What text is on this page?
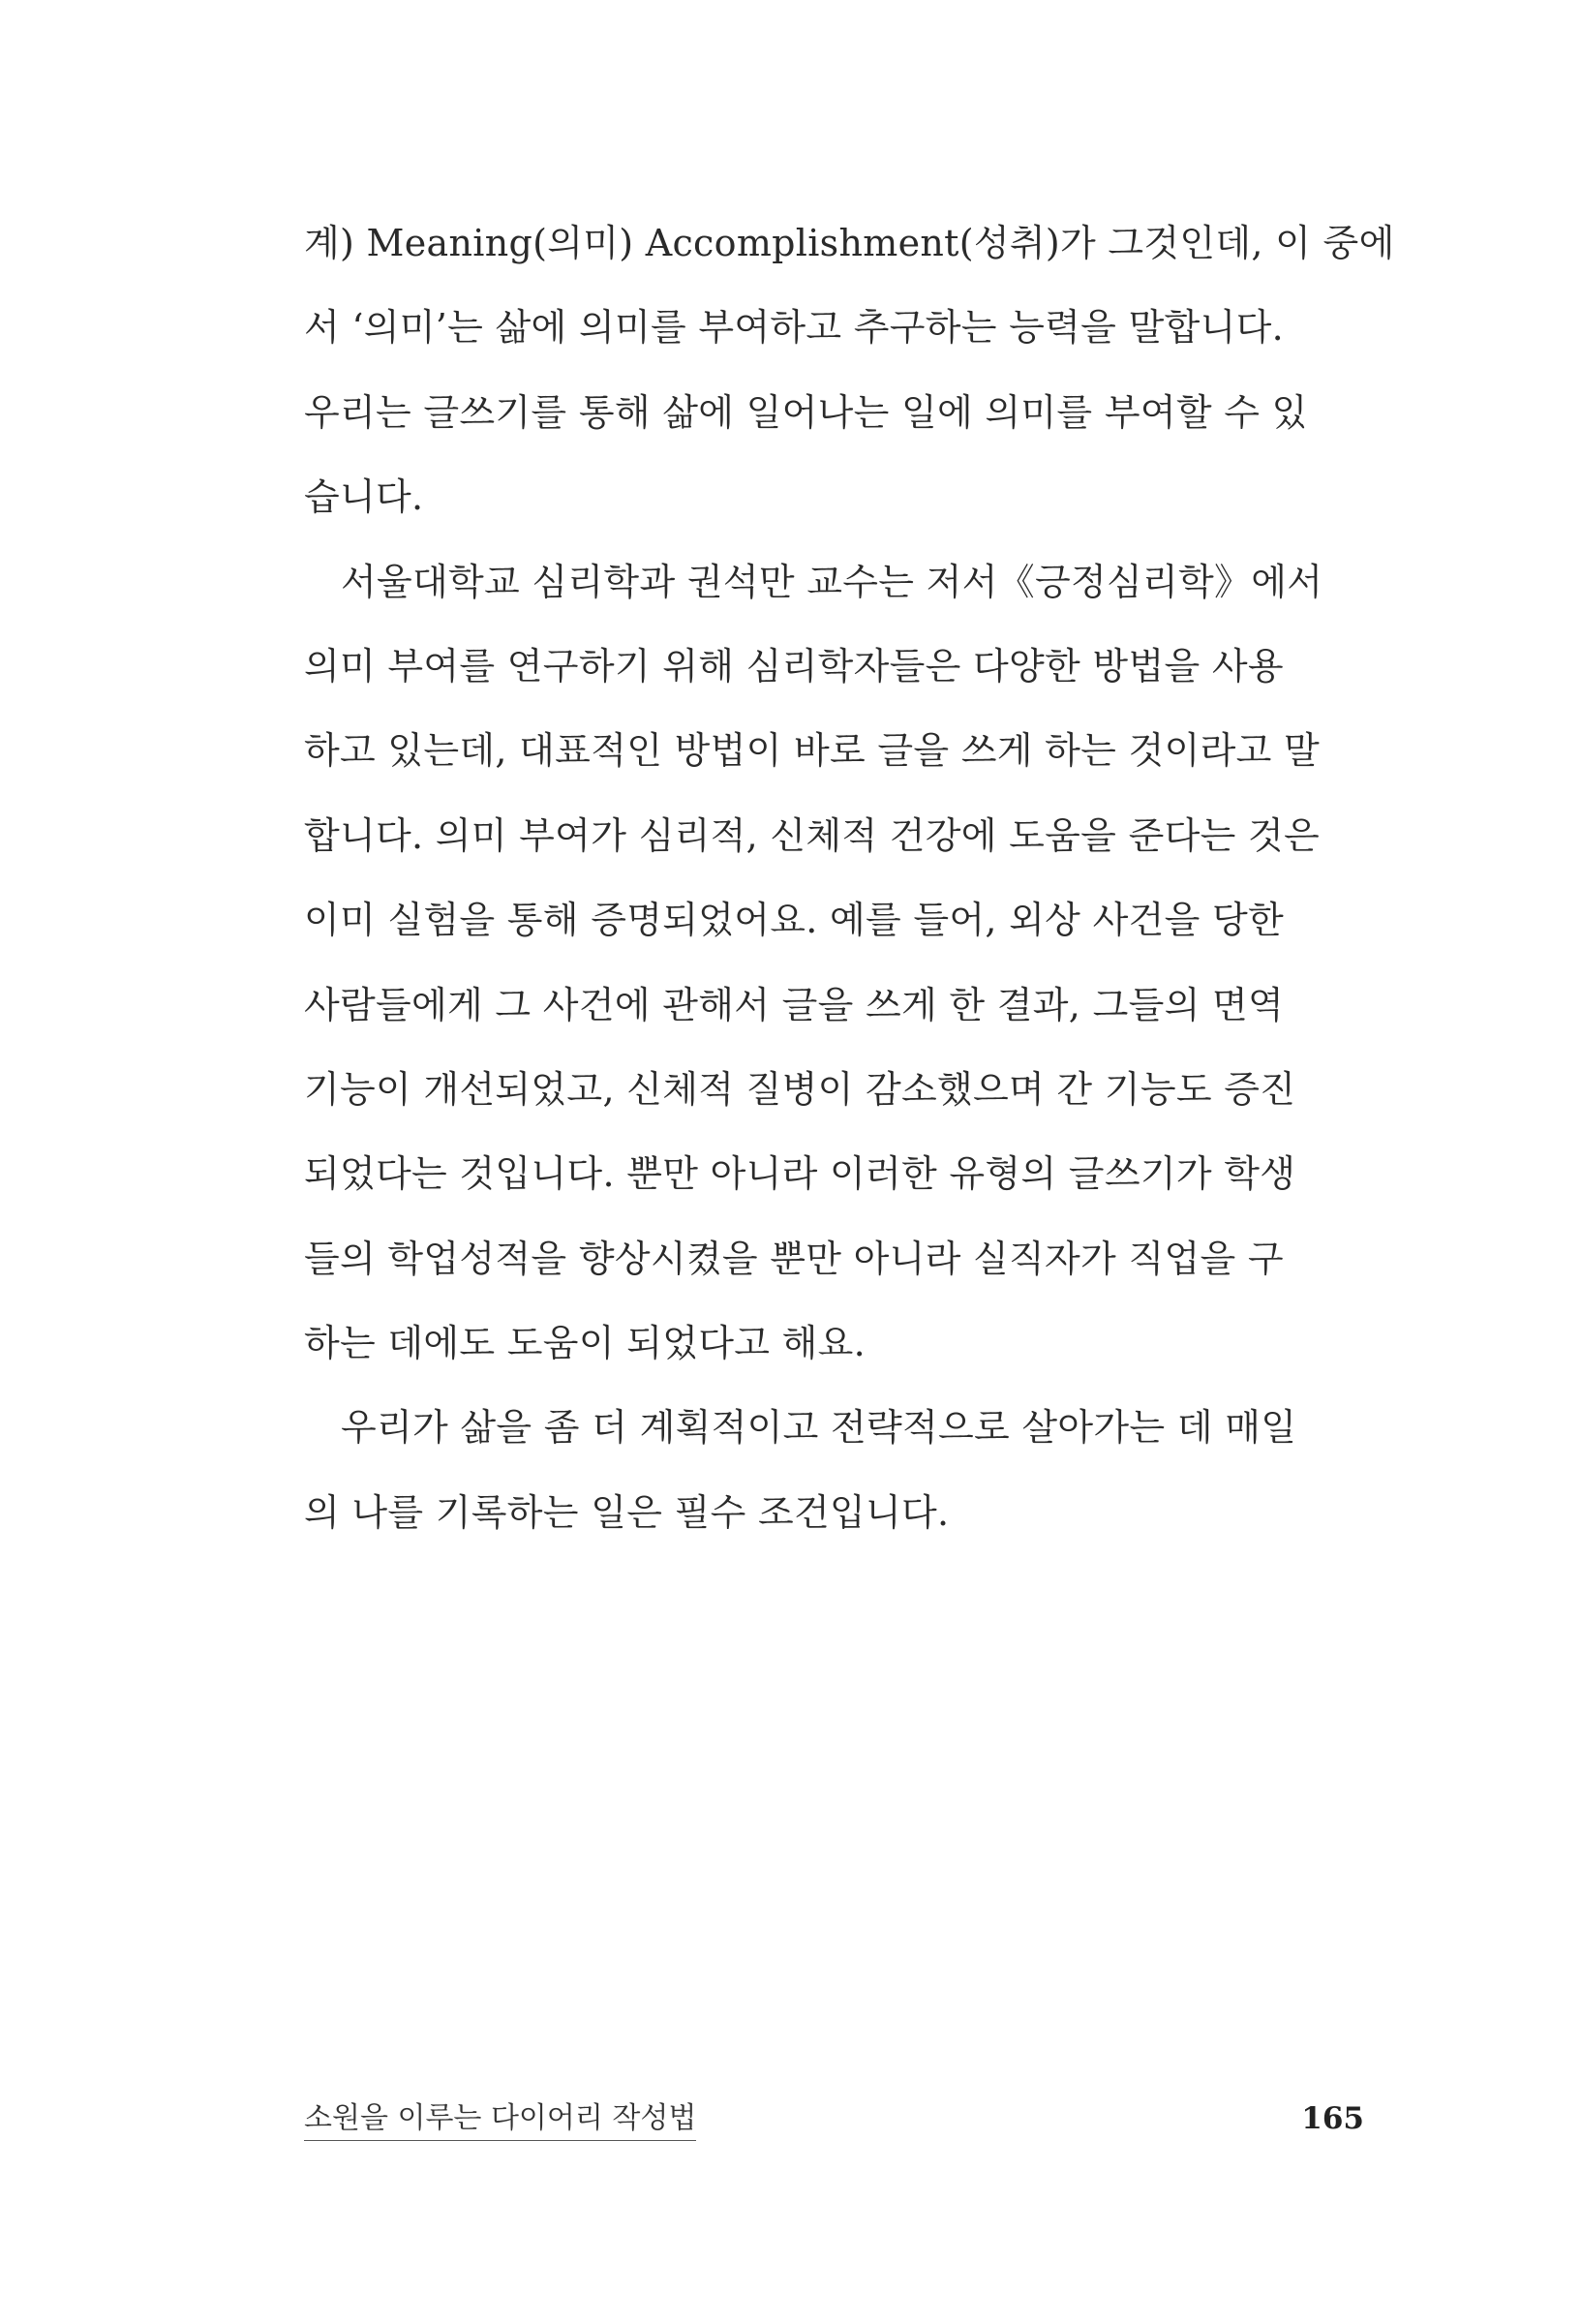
계) Meaning(의미) Accomplishment(성취)가 그것인데, 이 중에
서 ‘의미’는 삶에 의미를 부여하고 추구하는 능력을 말합니다.
우리는 글쓰기를 통해 삶에 일어나는 일에 의미를 부여할 수 있
습니다.
서울대학교 심리학과 권석만 교수는 저서《긍정심리학》에서
의미 부여를 연구하기 위해 심리학자들은 다양한 방법을 사용
하고 있는데, 대표적인 방법이 바로 글을 쓰게 하는 것이라고 말
합니다. 의미 부여가 심리적, 신체적 건강에 도움을 준다는 것은
이미 실험을 통해 증명되었어요. 예를 들어, 외상 사건을 당한
사람들에게 그 사건에 관해서 글을 쓰게 한 결과, 그들의 면역
기능이 개선되었고, 신체적 질병이 감소했으며 간 기능도 증진
되었다는 것입니다. 뿐만 아니라 이러한 유형의 글쓰기가 학생
들의 학업성적을 향상시켰을 뿐만 아니라 실직자가 직업을 구
하는 데에도 도움이 되었다고 해요.
우리가 삶을 좀 더 계획적이고 전략적으로 살아가는 데 매일
의 나를 기록하는 일은 필수 조건입니다.
소원을 이루는 다이어리 작성법	165
